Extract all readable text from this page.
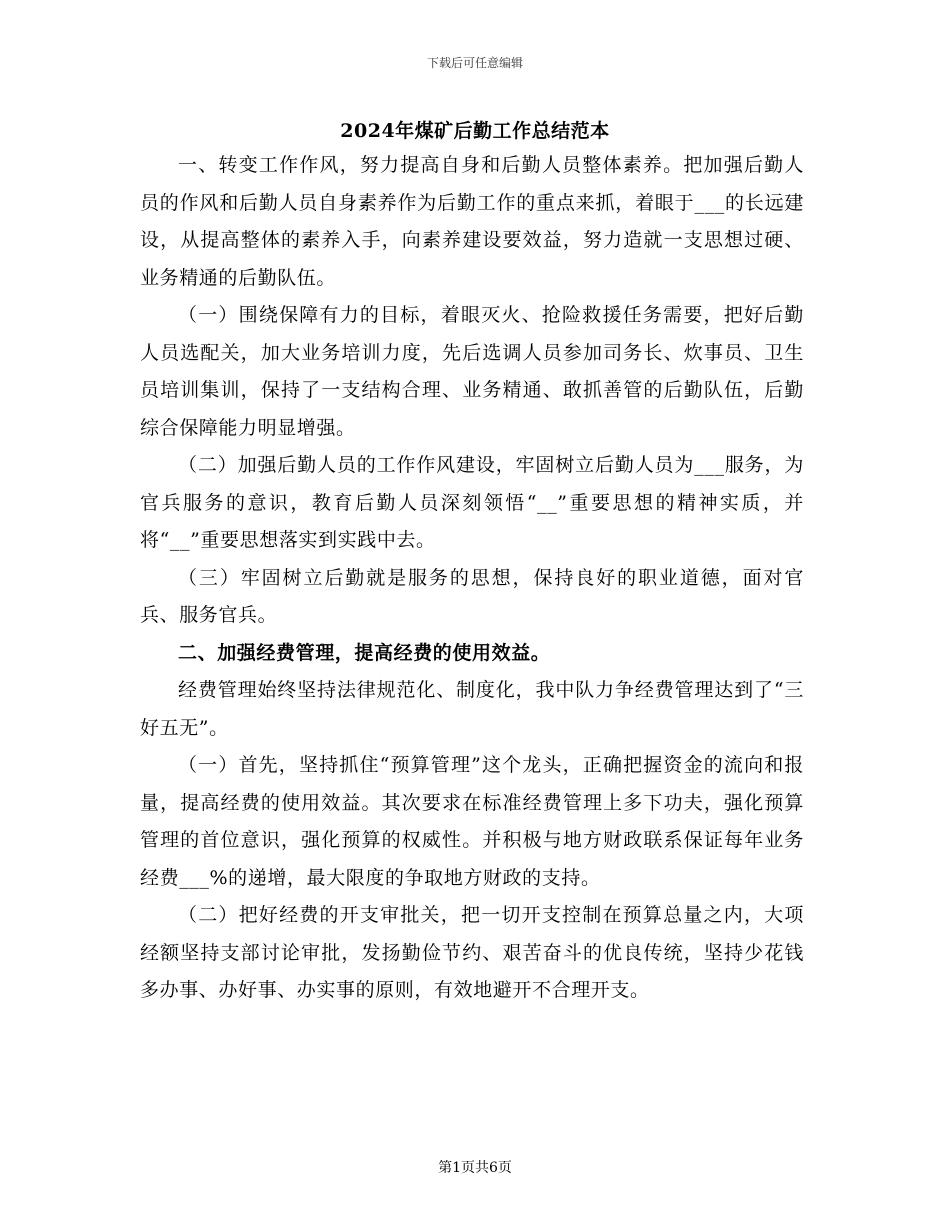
下载后可任意编辑
2024年煤矿后勤工作总结范本

一、转变工作作风，努力提高自身和后勤人员整体素养。把加强后勤人员的作风和后勤人员自身素养作为后勤工作的重点来抓，着眼于___的长远建设，从提高整体的素养入手，向素养建设要效益，努力造就一支思想过硬、业务精通的后勤队伍。

（一）围绕保障有力的目标，着眼灭火、抢险救援任务需要，把好后勤人员选配关，加大业务培训力度，先后选调人员参加司务长、炊事员、卫生员培训集训，保持了一支结构合理、业务精通、敢抓善管的后勤队伍，后勤综合保障能力明显增强。

（二）加强后勤人员的工作作风建设，牢固树立后勤人员为___服务，为官兵服务的意识，教育后勤人员深刻领悟“__”重要思想的精神实质，并将“__”重要思想落实到实践中去。

（三）牢固树立后勤就是服务的思想，保持良好的职业道德，面对官兵、服务官兵。

二、加强经费管理，提高经费的使用效益。

经费管理始终坚持法律规范化、制度化，我中队力争经费管理达到了“三好五无”。

（一）首先，坚持抓住“预算管理”这个龙头，正确把握资金的流向和报量，提高经费的使用效益。其次要求在标准经费管理上多下功夫，强化预算管理的首位意识，强化预算的权威性。并积极与地方财政联系保证每年业务经费___%的递增，最大限度的争取地方财政的支持。

（二）把好经费的开支审批关，把一切开支控制在预算总量之内，大项经额坚持支部讨论审批，发扬勤俭节约、艰苦奋斗的优良传统，坚持少花钱多办事、办好事、办实事的原则，有效地避开不合理开支。

第1页共6页
